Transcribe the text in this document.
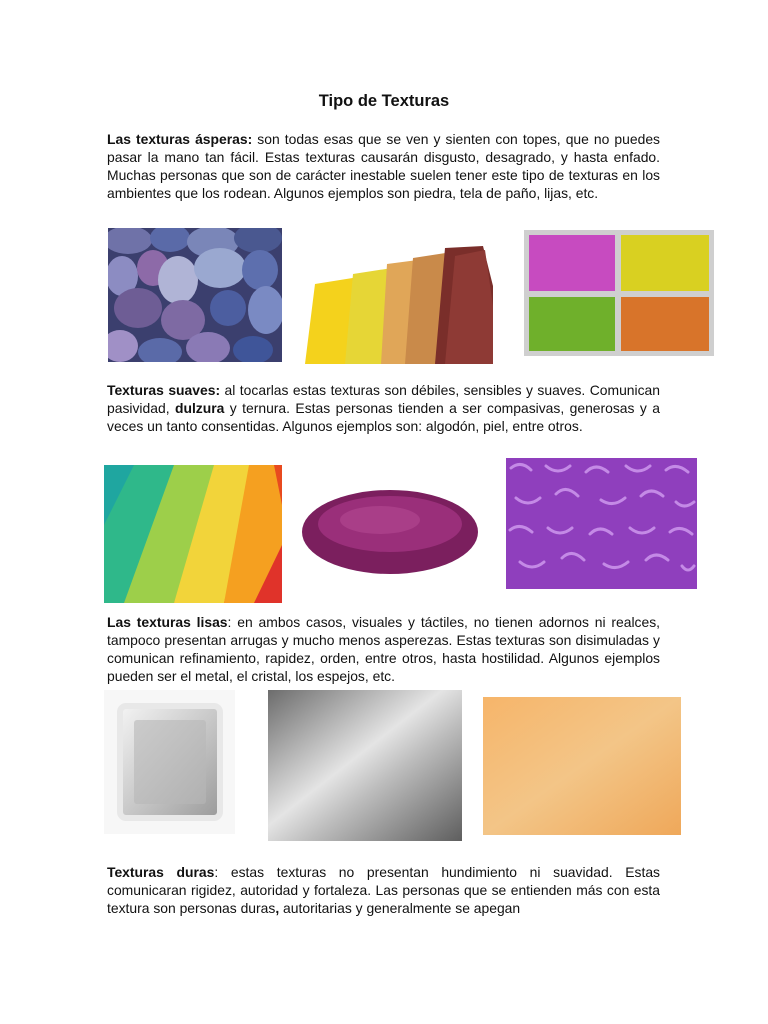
Tipo de Texturas

Las texturas ásperas: son todas esas que se ven y sienten con topes, que no puedes pasar la mano tan fácil. Estas texturas causarán disgusto, desagrado, y hasta enfado. Muchas personas que son de carácter inestable suelen tener este tipo de texturas en los ambientes que los rodean. Algunos ejemplos son piedra, tela de paño, lijas, etc.

Texturas suaves: al tocarlas estas texturas son débiles, sensibles y suaves. Comunican pasividad, dulzura y ternura. Estas personas tienden a ser compasivas, generosas y a veces un tanto consentidas. Algunos ejemplos son: algodón, piel, entre otros.

Las texturas lisas: en ambos casos, visuales y táctiles, no tienen adornos ni realces, tampoco presentan arrugas y mucho menos asperezas. Estas texturas son disimuladas y comunican refinamiento, rapidez, orden, entre otros, hasta hostilidad. Algunos ejemplos pueden ser el metal, el cristal, los espejos, etc.

Texturas duras: estas texturas no presentan hundimiento ni suavidad. Estas comunicaran rigidez, autoridad y fortaleza. Las personas que se entienden más con esta textura son personas duras, autoritarias y generalmente se apegan
